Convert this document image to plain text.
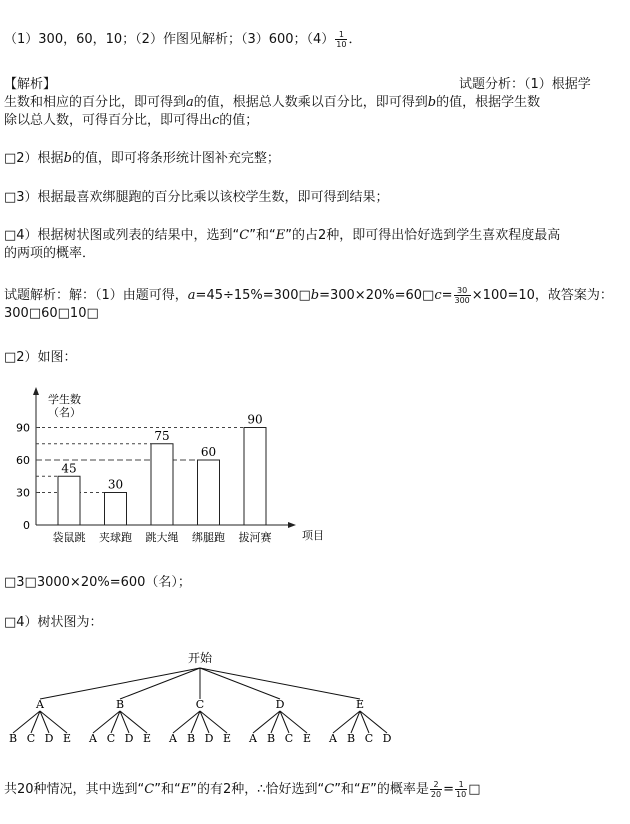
（1）300，60，10；（2）作图见解析；（3）600；$(4) \frac{1}{10}$ ．
【解析】	试题分析：（1）根据学
生数和相应的百分比，即可得到a的值，根据总人数乘以百分比，即可得到b的值，根据学生数
除以总人数，可得百分比，即可得出c的值；
□2）根据b的值，即可将条形统计图补充完整；
□3）根据最喜欢绑腿跑的百分比乘以该校学生数，即可得到结果；
□4）根据树状图或列表的结果中，选到“C”和“E”的占2种，即可得出恰好选到学生喜欢程度最高
的两项的概率．
试题解析：解：（1）由题可得，a=45÷15%=300□b=300×20%=60□c= $\frac{30}{300} \times 100=10$，故答案为：
300□60□10□
□2）如图：
学生数
（名）
项目
0
30
60
90
45
袋鼠跳
30
夹球跑
75
跳大绳
60
绑腿跑
90
拔河赛
□3□3000×20%=600（名）；
□4）树状图为：
开始
A
B C D E
B
A C D E
C
A B D E
D
A B C E
E
A B C D
共20种情况，其中选到“C”和“E”的有2种，∴恰好选到“C”和“E”的概率是 $\frac{2}{20} = \frac{1}{10}$ □
